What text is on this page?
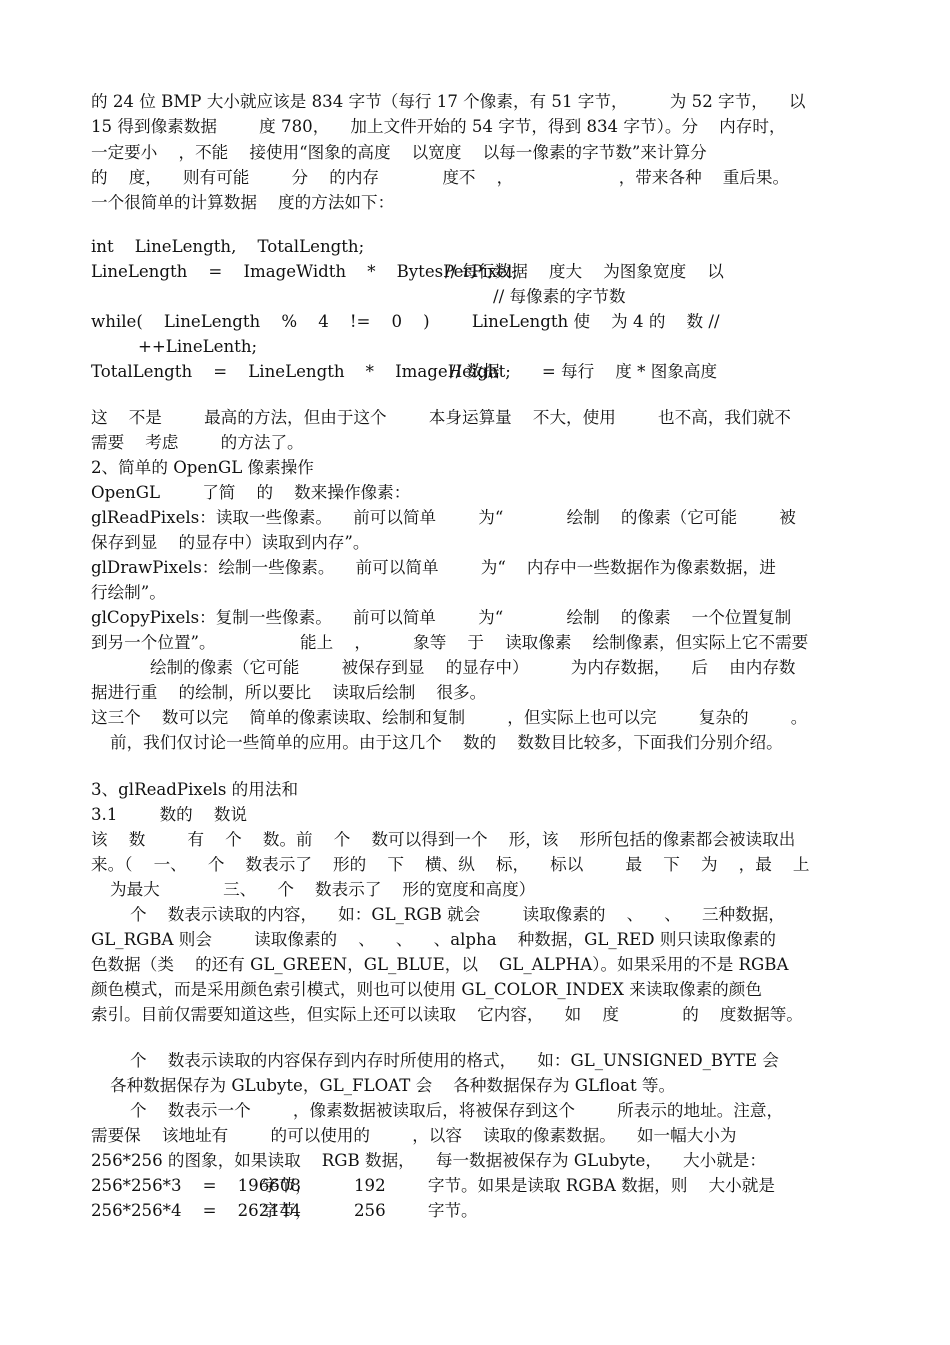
的 24 位 BMP 大小就应该是 834 字节（每行 17 个像素，有 51 字节，        为 52 字节，    以
15 得到像素数据        度 780，    加上文件开始的 54 字节，得到 834 字节）。分    内存时，
一定要小    ，不能    接使用“图象的高度    以宽度    以每一像素的字节数”来计算分
的    度，    则有可能        分    的内存            度不    ，                    ，带来各种    重后果。
一个很简单的计算数据    度的方法如下：
int    LineLength,    TotalLength;
LineLength    =    ImageWidth    *    BytesPerPixel;
// 每行数据    度大    为图象宽度    以
// 每像素的字节数
while(    LineLength    %    4    !=    0    )        LineLength 使    为 4 的    数 //
++LineLenth;
TotalLength    =    LineLength    *    ImageHeight;
// 数据        = 每行    度 * 图象高度
这    不是        最高的方法，但由于这个        本身运算量    不大，使用        也不高，我们就不
需要    考虑        的方法了。
2、简单的 OpenGL 像素操作
OpenGL        了简    的    数来操作像素：
glReadPixels：读取一些像素。    前可以简单        为“            绘制    的像素（它可能        被
保存到显    的显存中）读取到内存”。
glDrawPixels：绘制一些像素。    前可以简单        为“    内存中一些数据作为像素数据，进
行绘制”。
glCopyPixels：复制一些像素。    前可以简单        为“            绘制    的像素    一个位置复制
到另一个位置”。                能上    ，        象等    于    读取像素    绘制像素，但实际上它不需要
绘制的像素（它可能        被保存到显    的显存中）        为内存数据，    后    由内存数
据进行重    的绘制，所以要比    读取后绘制    很多。
这三个    数可以完    简单的像素读取、绘制和复制        ，但实际上也可以完        复杂的        。
前，我们仅讨论一些简单的应用。由于这几个    数的    数数目比较多，下面我们分别介绍。
3、glReadPixels 的用法和
3.1        数的    数说
该    数        有    个    数。前    个    数可以得到一个    形，该    形所包括的像素都会被读取出
来。（    一、    个    数表示了    形的    下    横、纵    标，    标以        最    下    为    ，最    上
为最大            三、    个    数表示了    形的宽度和高度）
个    数表示读取的内容，    如：GL_RGB 就会        读取像素的    、    、    三种数据，
GL_RGBA 则会        读取像素的    、    、    、alpha    种数据，GL_RED 则只读取像素的
色数据（类    的还有 GL_GREEN，GL_BLUE，以    GL_ALPHA）。如果采用的不是 RGBA
颜色模式，而是采用颜色索引模式，则也可以使用 GL_COLOR_INDEX 来读取像素的颜色
索引。目前仅需要知道这些，但实际上还可以读取    它内容，    如    度            的    度数据等。
个    数表示读取的内容保存到内存时所使用的格式，    如：GL_UNSIGNED_BYTE 会
各种数据保存为 GLubyte，GL_FLOAT 会    各种数据保存为 GLfloat 等。
个    数表示一个        ，像素数据被读取后，将被保存到这个        所表示的地址。注意，
需要保    该地址有        的可以使用的        ，以容    读取的像素数据。    如一幅大小为
256*256 的图象，如果读取    RGB 数据，    每一数据被保存为 GLubyte，    大小就是：
256*256*3    =    196608
字节，        192        字节。如果是读取 RGBA 数据，则    大小就是
256*256*4    =    262144
字节，        256        字节。
